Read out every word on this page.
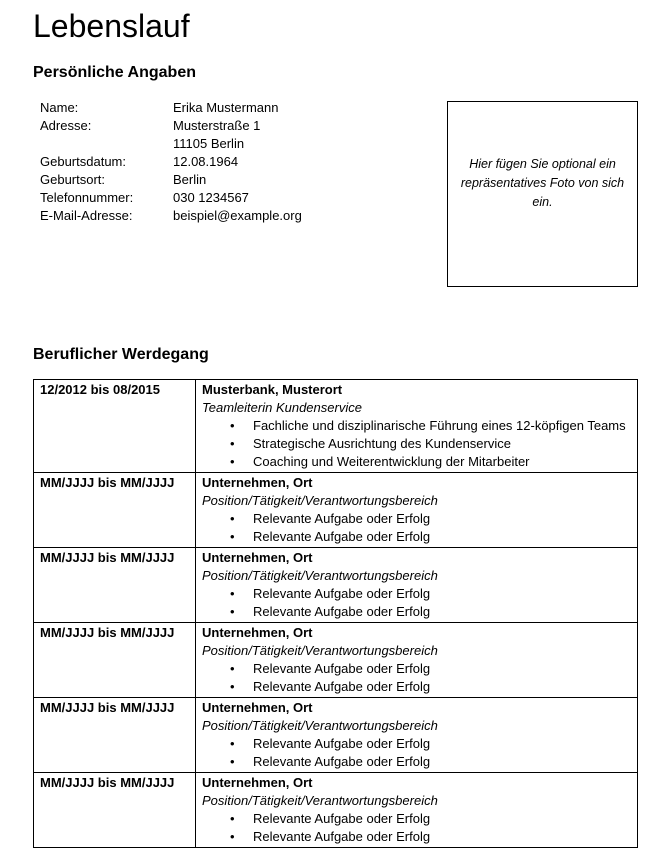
Lebenslauf
Persönliche Angaben
Name:	Erika Mustermann
Adresse:	Musterstraße 1
11105 Berlin
Geburtsdatum:	12.08.1964
Geburtsort:	Berlin
Telefonnummer:	030 1234567
E-Mail-Adresse:	beispiel@example.org

Hier fügen Sie optional ein repräsentatives Foto von sich ein.

Beruflicher Werdegang
12/2012 bis 08/2015	Musterbank, Musterort
Teamleiterin Kundenservice
• Fachliche und disziplinarische Führung eines 12-köpfigen Teams
• Strategische Ausrichtung des Kundenservice
• Coaching und Weiterentwicklung der Mitarbeiter

MM/JJJJ bis MM/JJJJ	Unternehmen, Ort
Position/Tätigkeit/Verantwortungsbereich
• Relevante Aufgabe oder Erfolg
• Relevante Aufgabe oder Erfolg

MM/JJJJ bis MM/JJJJ	Unternehmen, Ort
Position/Tätigkeit/Verantwortungsbereich
• Relevante Aufgabe oder Erfolg
• Relevante Aufgabe oder Erfolg

MM/JJJJ bis MM/JJJJ	Unternehmen, Ort
Position/Tätigkeit/Verantwortungsbereich
• Relevante Aufgabe oder Erfolg
• Relevante Aufgabe oder Erfolg

MM/JJJJ bis MM/JJJJ	Unternehmen, Ort
Position/Tätigkeit/Verantwortungsbereich
• Relevante Aufgabe oder Erfolg
• Relevante Aufgabe oder Erfolg

MM/JJJJ bis MM/JJJJ	Unternehmen, Ort
Position/Tätigkeit/Verantwortungsbereich
• Relevante Aufgabe oder Erfolg
• Relevante Aufgabe oder Erfolg
